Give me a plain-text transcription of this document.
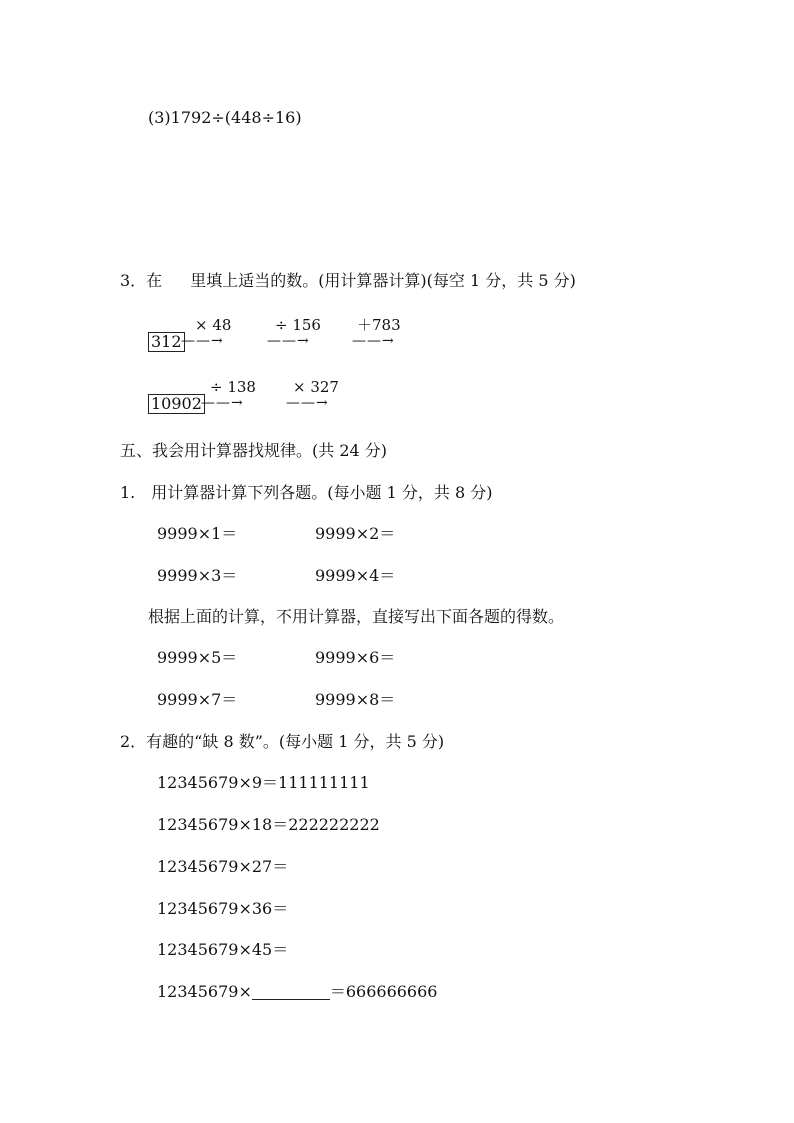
(3)1792÷(448÷16)
3．在 里填上适当的数。(用计算器计算)(每空 1 分，共 5 分)
312
× 48
——→
÷ 156
——→
＋783
——→
10902
÷ 138
——→
× 327
——→
五、我会用计算器找规律。(共 24 分)
1.　用计算器计算下列各题。(每小题 1 分，共 8 分)
9999×1＝	9999×2＝
9999×3＝	9999×4＝
根据上面的计算，不用计算器，直接写出下面各题的得数。
9999×5＝	9999×6＝
9999×7＝	9999×8＝
2．有趣的“缺 8 数”。(每小题 1 分，共 5 分)
12345679×9＝111111111
12345679×18＝222222222
12345679×27＝
12345679×36＝
12345679×45＝
12345679×	＝666666666
